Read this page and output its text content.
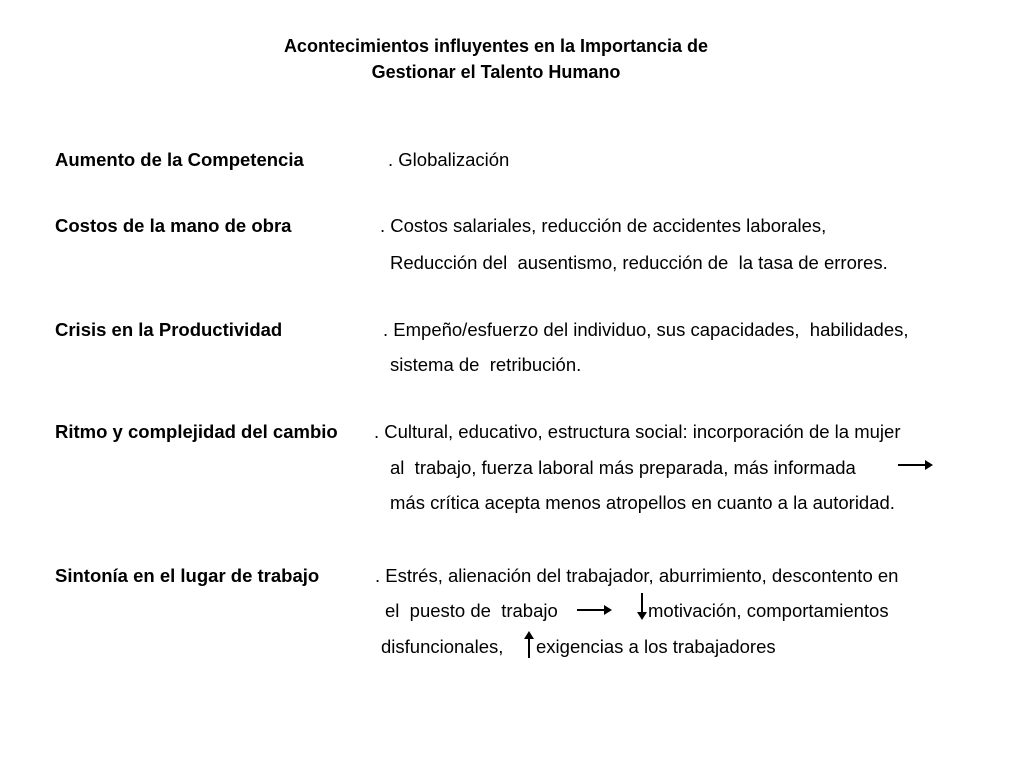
Acontecimientos influyentes en la Importancia de
Gestionar el Talento Humano
Aumento de la Competencia	. Globalización
Costos de la mano de obra	. Costos salariales, reducción de accidentes laborales,
Reducción del  ausentismo, reducción de  la tasa de errores.
Crisis en la Productividad	. Empeño/esfuerzo del individuo, sus capacidades,  habilidades,
sistema de  retribución.
Ritmo y complejidad del cambio . Cultural, educativo, estructura social: incorporación de la mujer
al  trabajo, fuerza laboral más preparada, más informada
más crítica acepta menos atropellos en cuanto a la autoridad.
Sintonía en el lugar de trabajo	. Estrés, alienación del trabajador, aburrimiento, descontento en
el  puesto de  trabajo	motivación, comportamientos
disfuncionales, exigencias a los trabajadores
